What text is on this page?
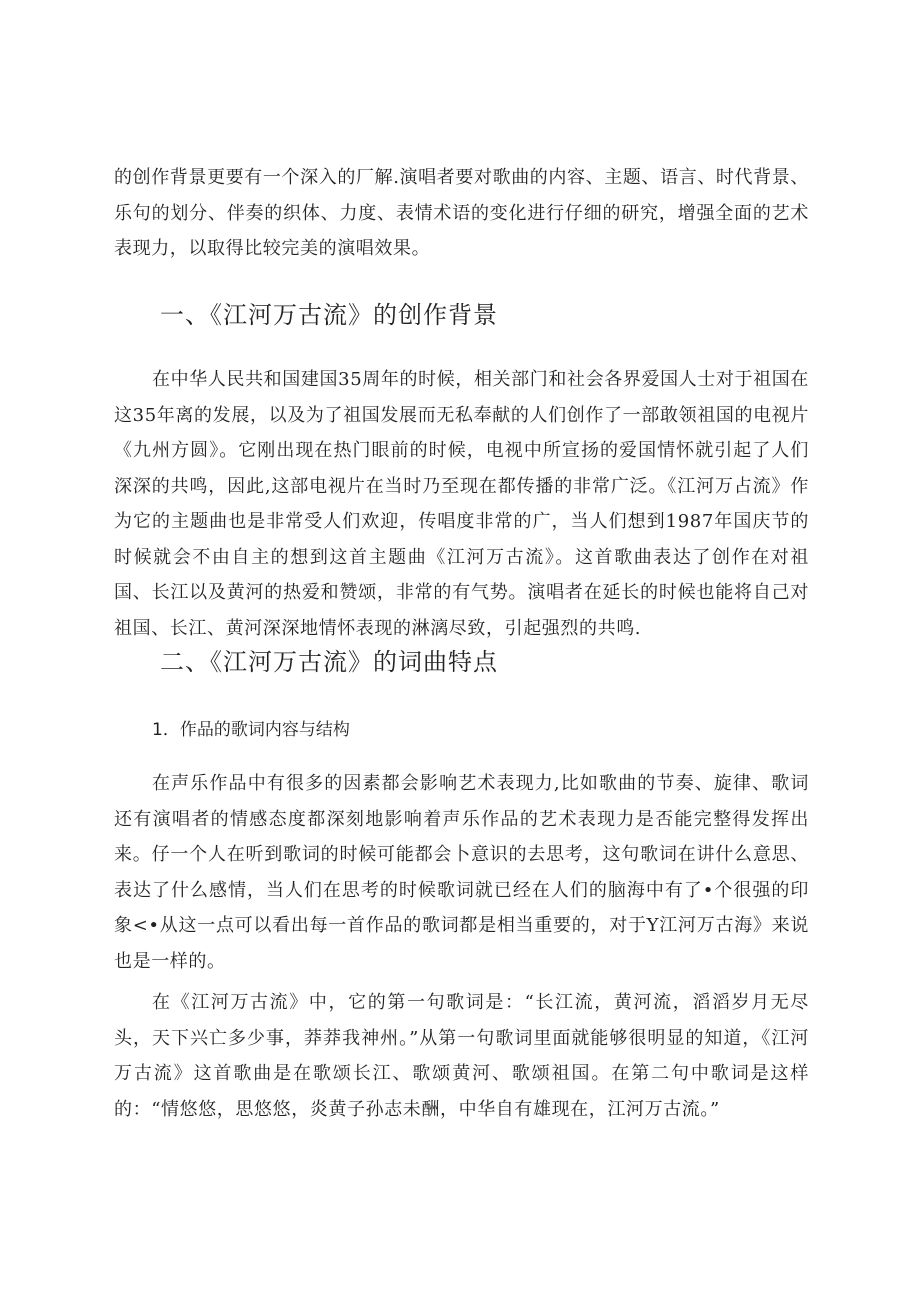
的创作背景更要有一个深入的厂解.演唱者要对歌曲的内容、主题、语言、时代背景、乐句的划分、伴奏的织体、力度、表情术语的变化进行仔细的研究，增强全面的艺术表现力，以取得比较完美的演唱效果。

一、《江河万古流》的创作背景

在中华人民共和国建国35周年的时候，相关部门和社会各界爱国人士对于祖国在这35年离的发展，以及为了祖国发展而无私奉献的人们创作了一部敢领祖国的电视片《九州方圆》。它刚出现在热门眼前的时候，电视中所宣扬的爱国情怀就引起了人们深深的共鸣，因此,这部电视片在当时乃至现在都传播的非常广泛。《江河万占流》作为它的主题曲也是非常受人们欢迎，传唱度非常的广，当人们想到1987年国庆节的时候就会不由自主的想到这首主题曲《江河万古流》。这首歌曲表达了创作在对祖国、长江以及黄河的热爱和赞颂，非常的有气势。演唱者在延长的时候也能将自己对祖国、长江、黄河深深地情怀表现的淋漓尽致，引起强烈的共鸣.

二、《江河万古流》的词曲特点
1．作品的歌词内容与结构

在声乐作品中有很多的因素都会影响艺术表现力,比如歌曲的节奏、旋律、歌词还有演唱者的情感态度都深刻地影响着声乐作品的艺术表现力是否能完整得发挥出来。仔一个人在听到歌词的时候可能都会卜意识的去思考，这句歌词在讲什么意思、表达了什么感情，当人们在思考的时候歌词就已经在人们的脑海中有了•个很强的印象<•从这一点可以看出每一首作品的歌词都是相当重要的，对于Y江河万古海》来说也是一样的。

在《江河万古流》中，它的第一句歌词是：“长江流，黄河流，滔滔岁月无尽头，天下兴亡多少事，莽莽我神州。”从第一句歌词里面就能够很明显的知道，《江河万古流》这首歌曲是在歌颂长江、歌颂黄河、歌颂祖国。在第二句中歌词是这样的：“情悠悠，思悠悠，炎黄子孙志未酬，中华自有雄现在，江河万古流。”
